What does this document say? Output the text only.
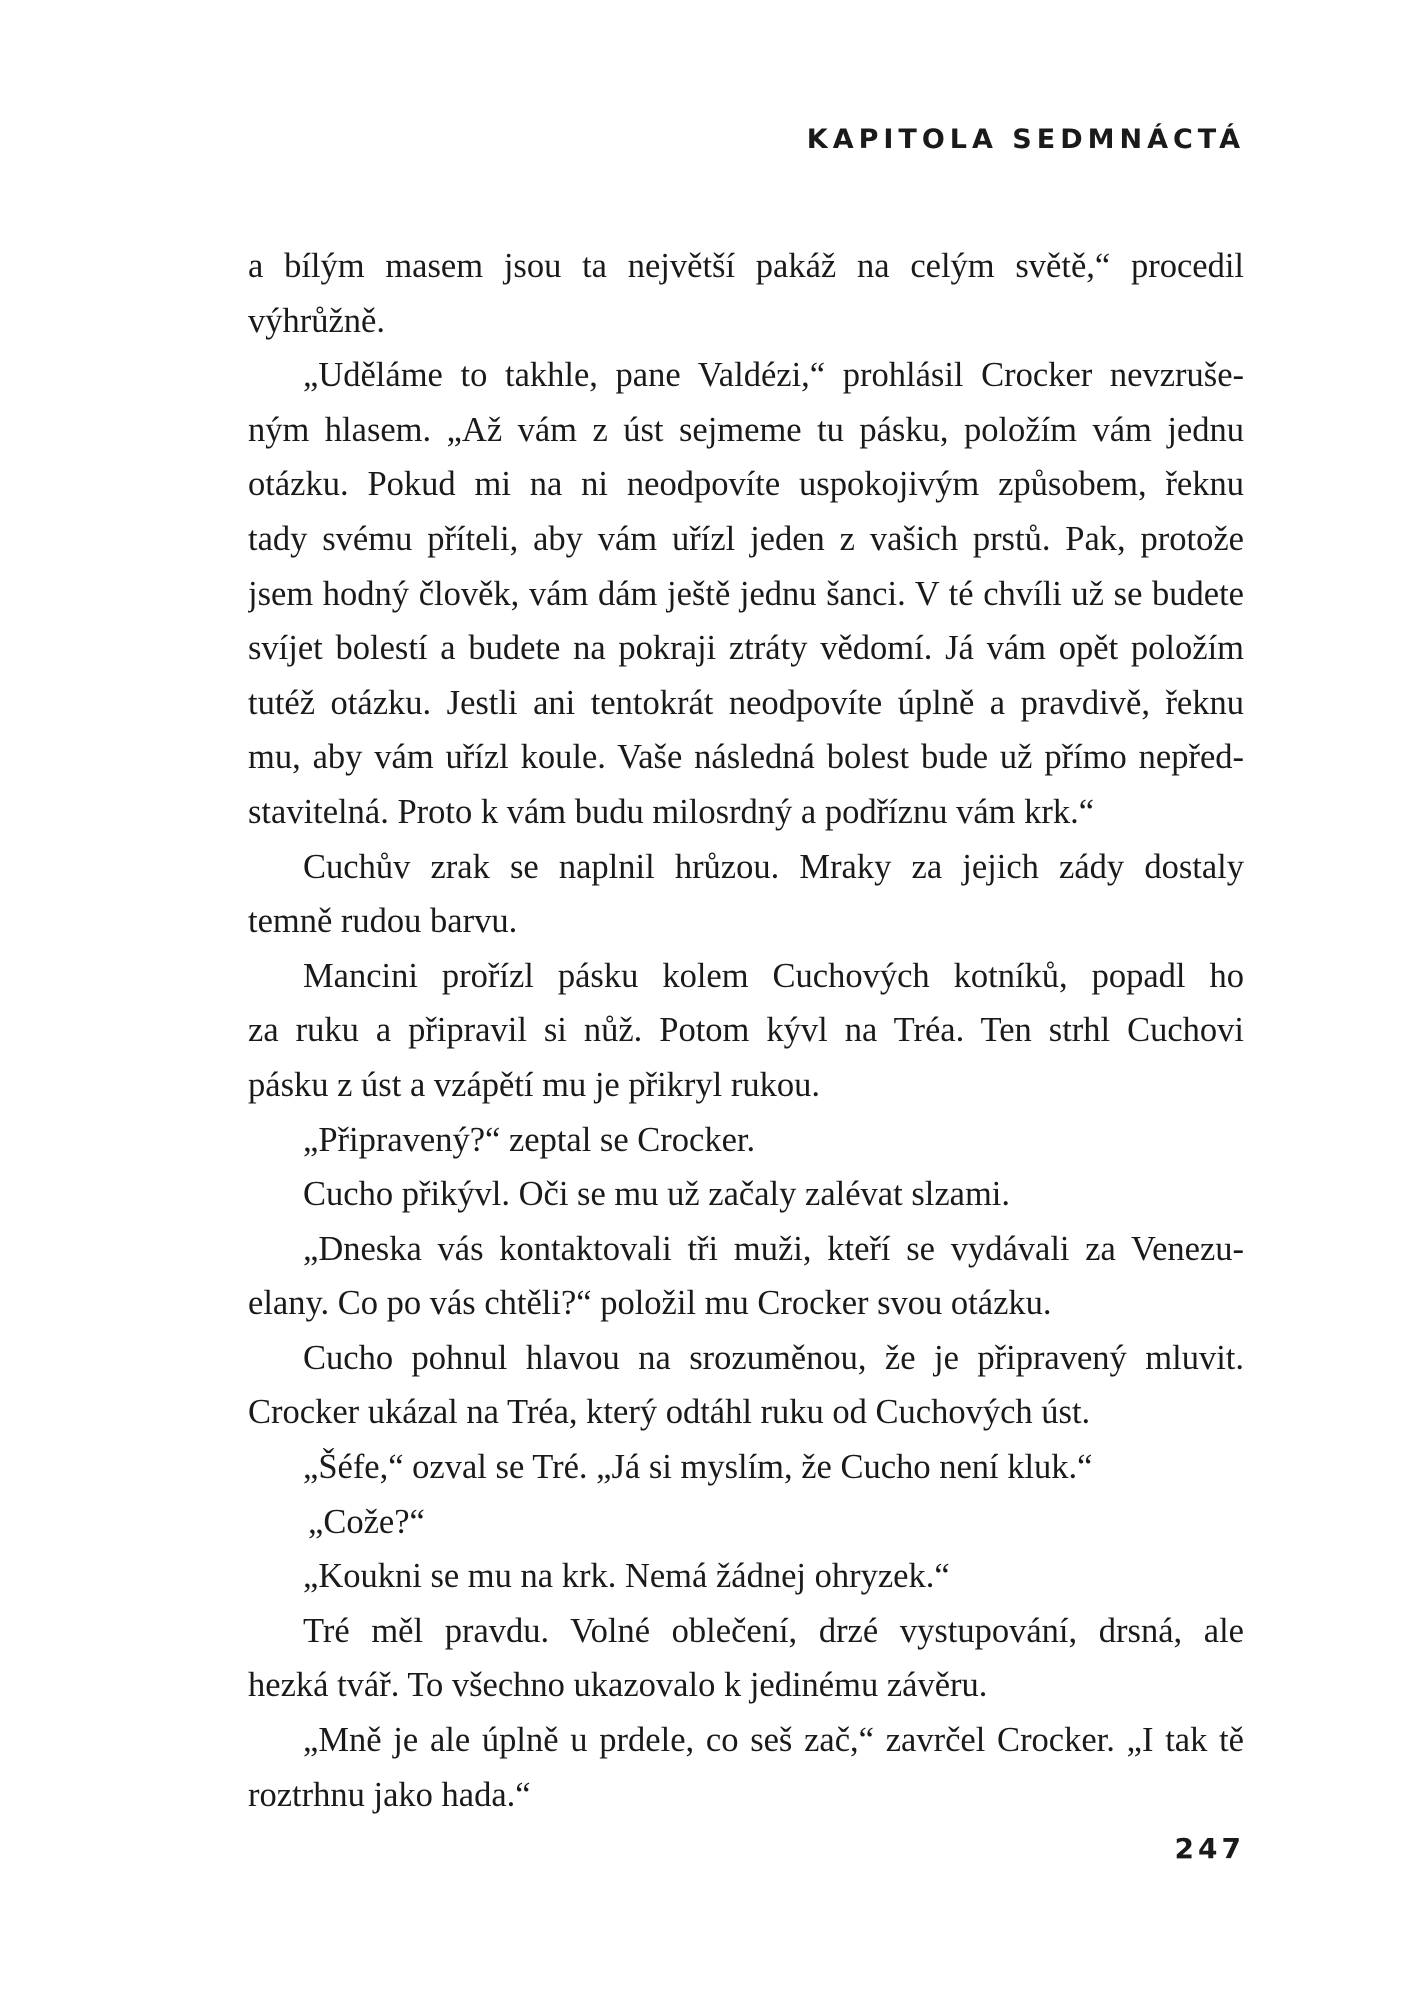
KAPITOLA SEDMNÁCTÁ
a bílým masem jsou ta největší pakáž na celým světě,“ procedil
výhrůžně.
„Uděláme to takhle, pane Valdézi,“ prohlásil Crocker nevzruše-
ným hlasem. „Až vám z úst sejmeme tu pásku, položím vám jednu
otázku. Pokud mi na ni neodpovíte uspokojivým způsobem, řeknu
tady svému příteli, aby vám uřízl jeden z vašich prstů. Pak, protože
jsem hodný člověk, vám dám ještě jednu šanci. V té chvíli už se budete
svíjet bolestí a budete na pokraji ztráty vědomí. Já vám opět položím
tutéž otázku. Jestli ani tentokrát neodpovíte úplně a pravdivě, řeknu
mu, aby vám uřízl koule. Vaše následná bolest bude už přímo nepřed-
stavitelná. Proto k vám budu milosrdný a podříznu vám krk.“
Cuchův zrak se naplnil hrůzou. Mraky za jejich zády dostaly
temně rudou barvu.
Mancini prořízl pásku kolem Cuchových kotníků, popadl ho
za ruku a připravil si nůž. Potom kývl na Tréa. Ten strhl Cuchovi
pásku z úst a vzápětí mu je přikryl rukou.
„Připravený?“ zeptal se Crocker.
Cucho přikývl. Oči se mu už začaly zalévat slzami.
„Dneska vás kontaktovali tři muži, kteří se vydávali za Venezu-
elany. Co po vás chtěli?“ položil mu Crocker svou otázku.
Cucho pohnul hlavou na srozuměnou, že je připravený mluvit.
Crocker ukázal na Tréa, který odtáhl ruku od Cuchových úst.
„Šéfe,“ ozval se Tré. „Já si myslím, že Cucho není kluk.“
„Cože?“
„Koukni se mu na krk. Nemá žádnej ohryzek.“
Tré měl pravdu. Volné oblečení, drzé vystupování, drsná, ale
hezká tvář. To všechno ukazovalo k jedinému závěru.
„Mně je ale úplně u prdele, co seš zač,“ zavrčel Crocker. „I tak tě
roztrhnu jako hada.“
247
